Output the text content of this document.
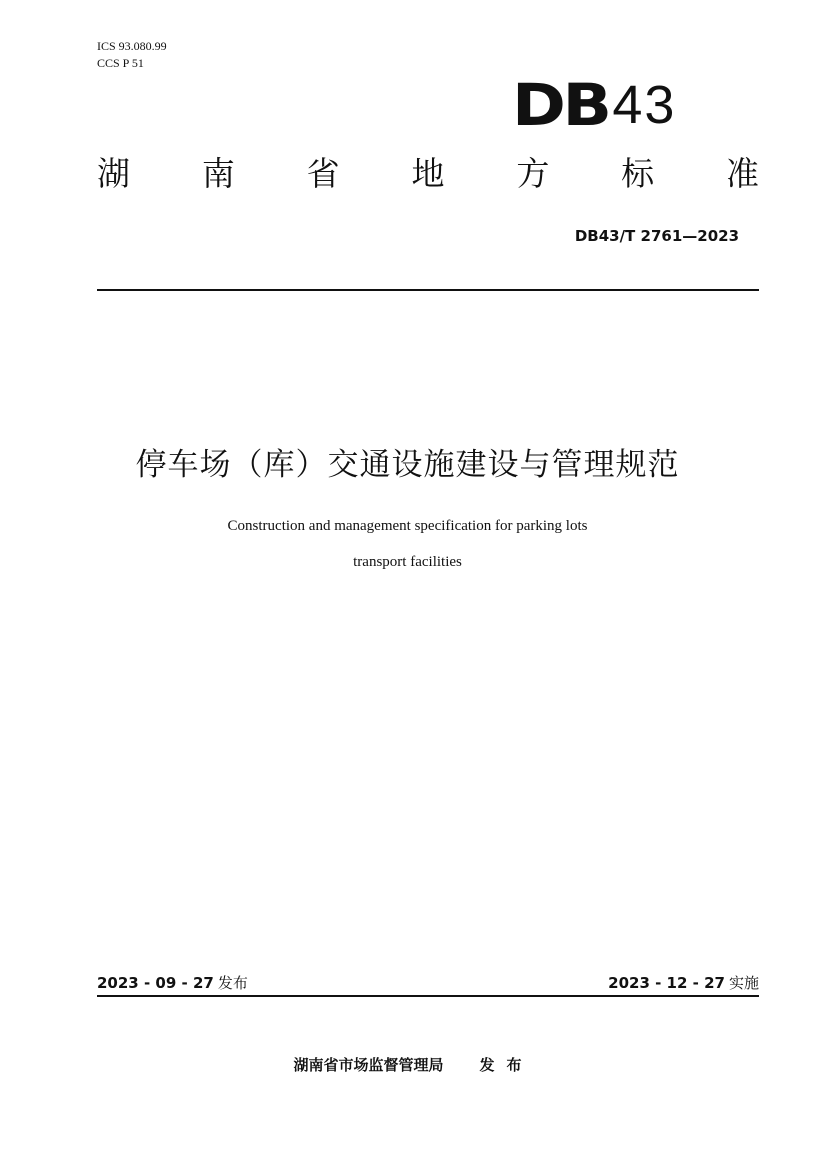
ICS 93.080.99
CCS P 51
DB 43
湖 南 省 地 方 标 准
DB43/T 2761—2023
停车场（库）交通设施建设与管理规范
Construction and management specification for parking lots
transport facilities
2023 - 09 - 27 发布	2023 - 12 - 27 实施
湖南省市场监督管理局 发 布
